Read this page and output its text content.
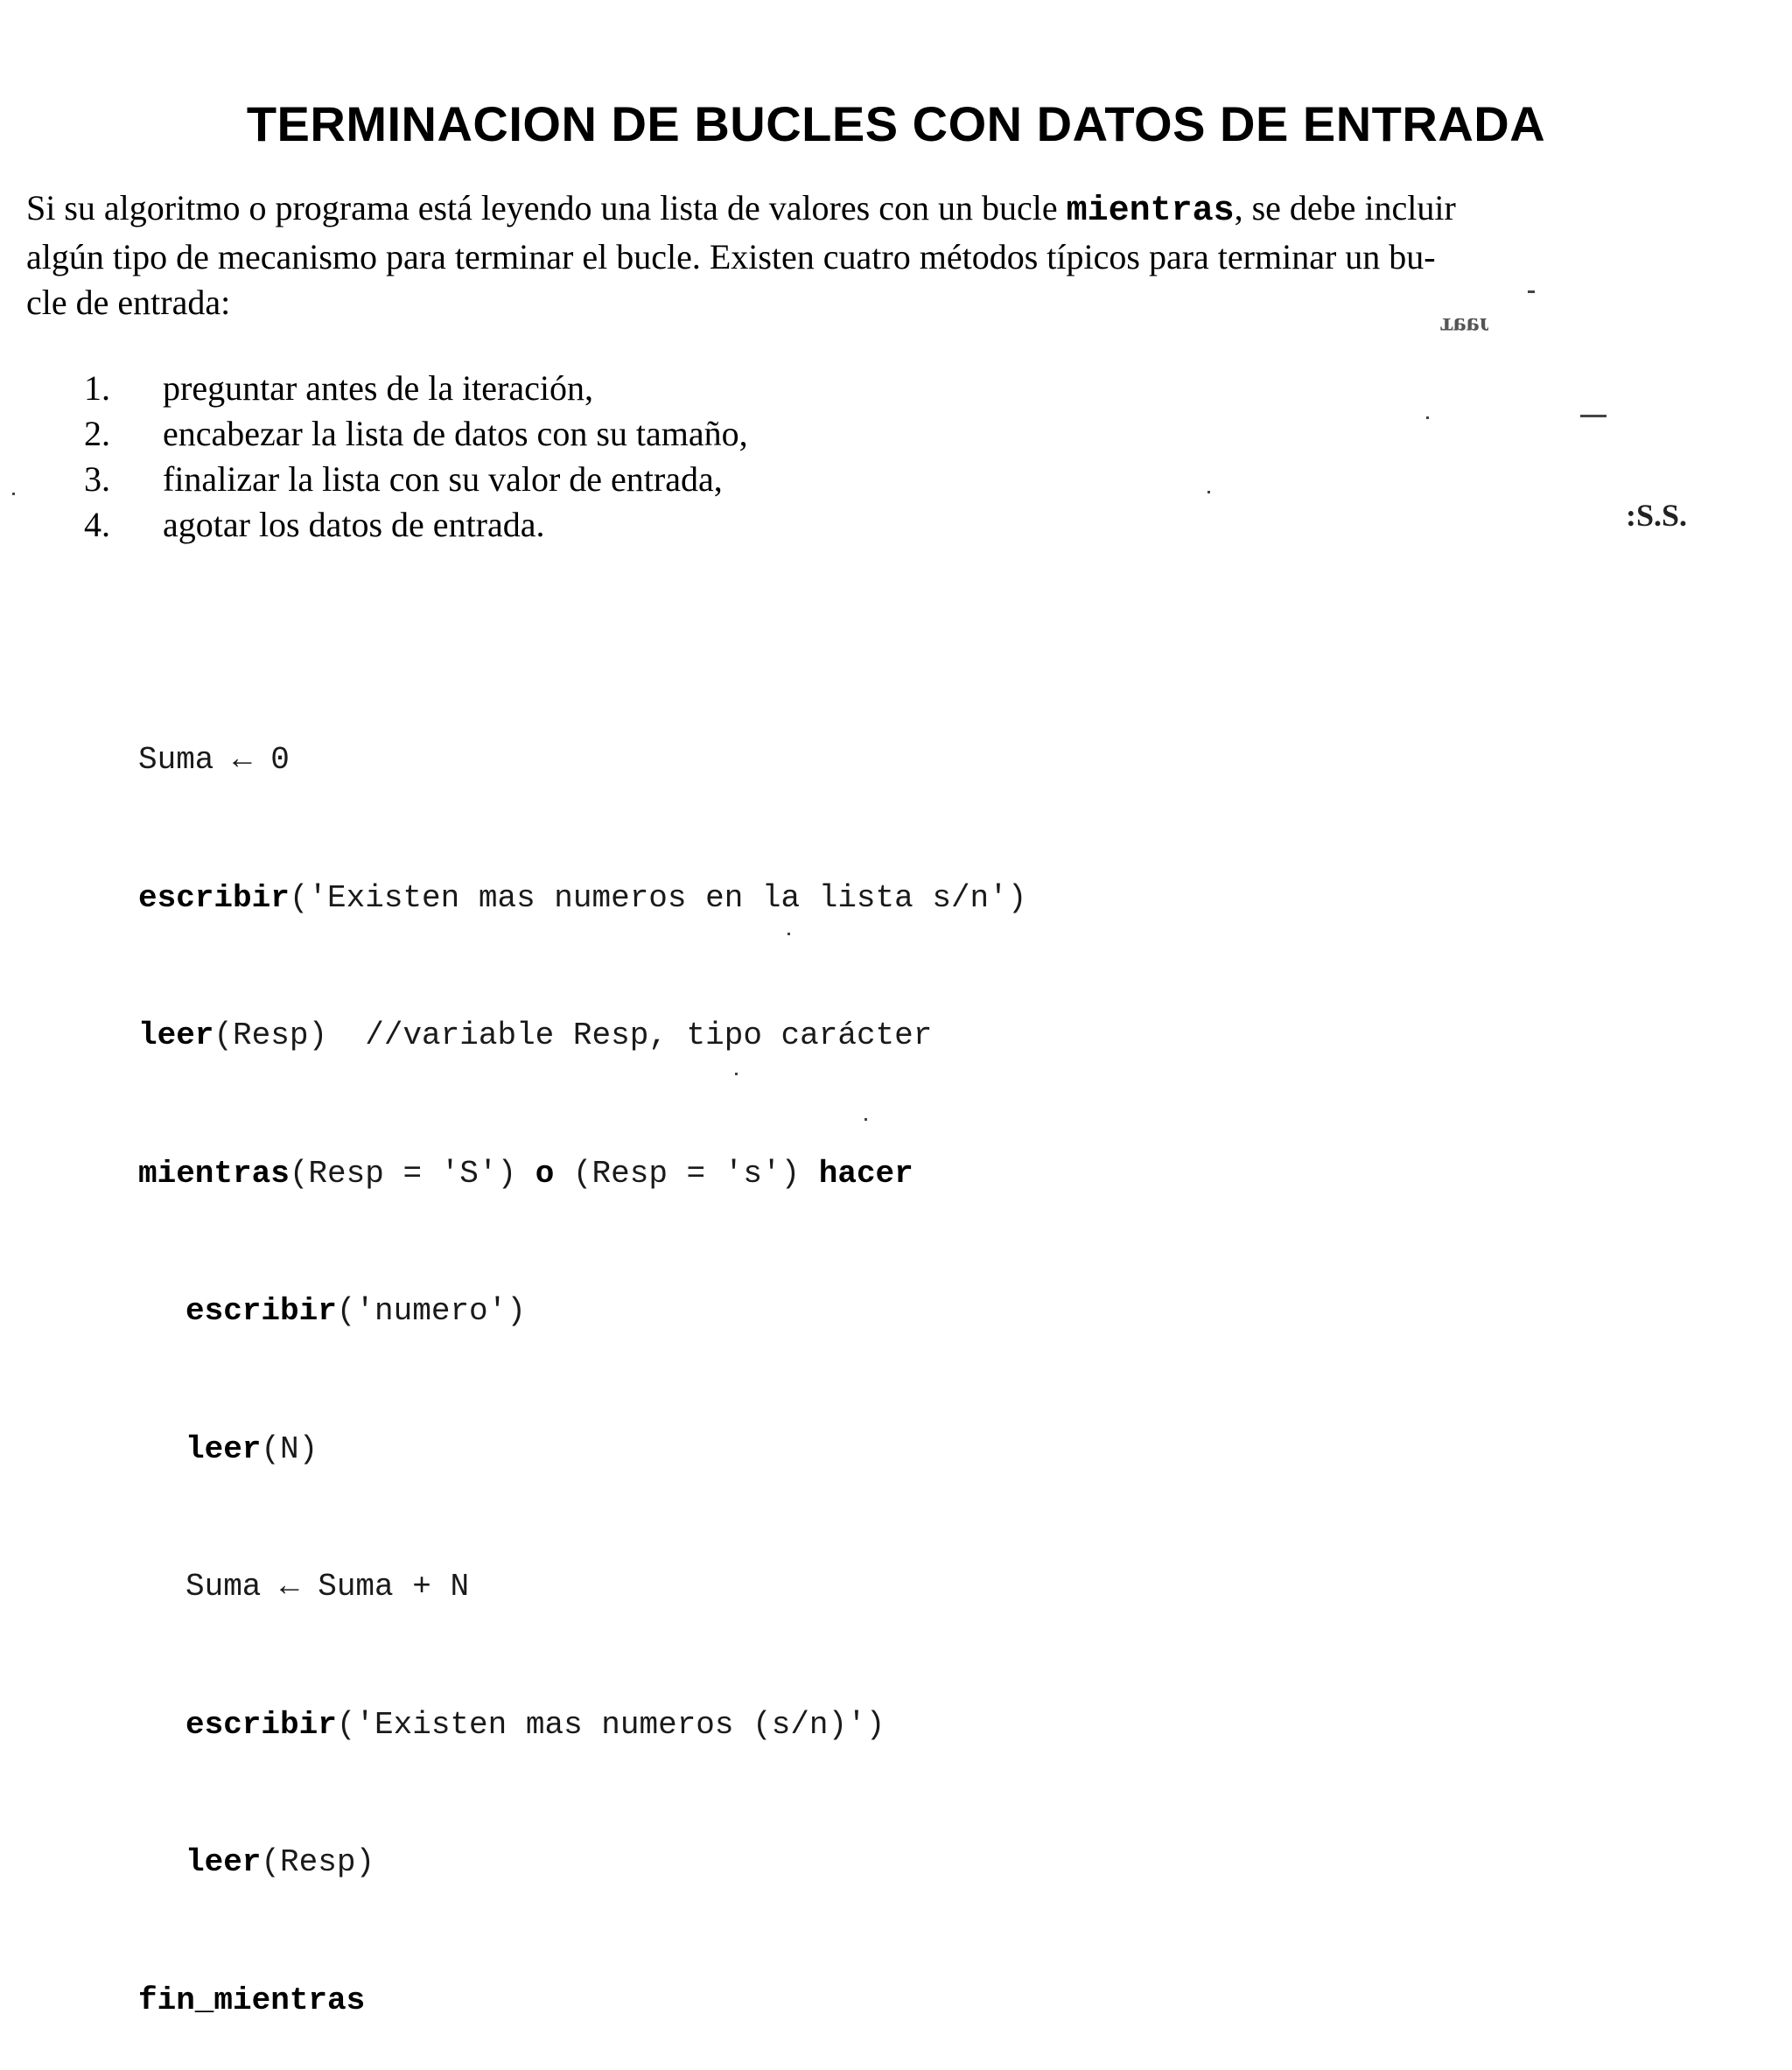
TERMINACION DE BUCLES CON DATOS DE ENTRADA
Si su algoritmo o programa está leyendo una lista de valores con un bucle mientras, se debe incluir
algún tipo de mecanismo para terminar el bucle. Existen cuatro métodos típicos para terminar un bu-
cle de entrada:
1.	preguntar antes de la iteración,
2.	encabezar la lista de datos con su tamaño,
3.	finalizar la lista con su valor de entrada,
4.	agotar los datos de entrada.

Suma ← 0

escribir('Existen mas numeros en la lista s/n')

leer(Resp)  //variable Resp, tipo carácter

mientras(Resp = 'S') o (Resp = 's') hacer

escribir('numero')

leer(N)

Suma ← Suma + N

escribir('Existen mas numeros (s/n)')

leer(Resp)

fin_mientras

ᴛɐɐɾ
:S.S.
